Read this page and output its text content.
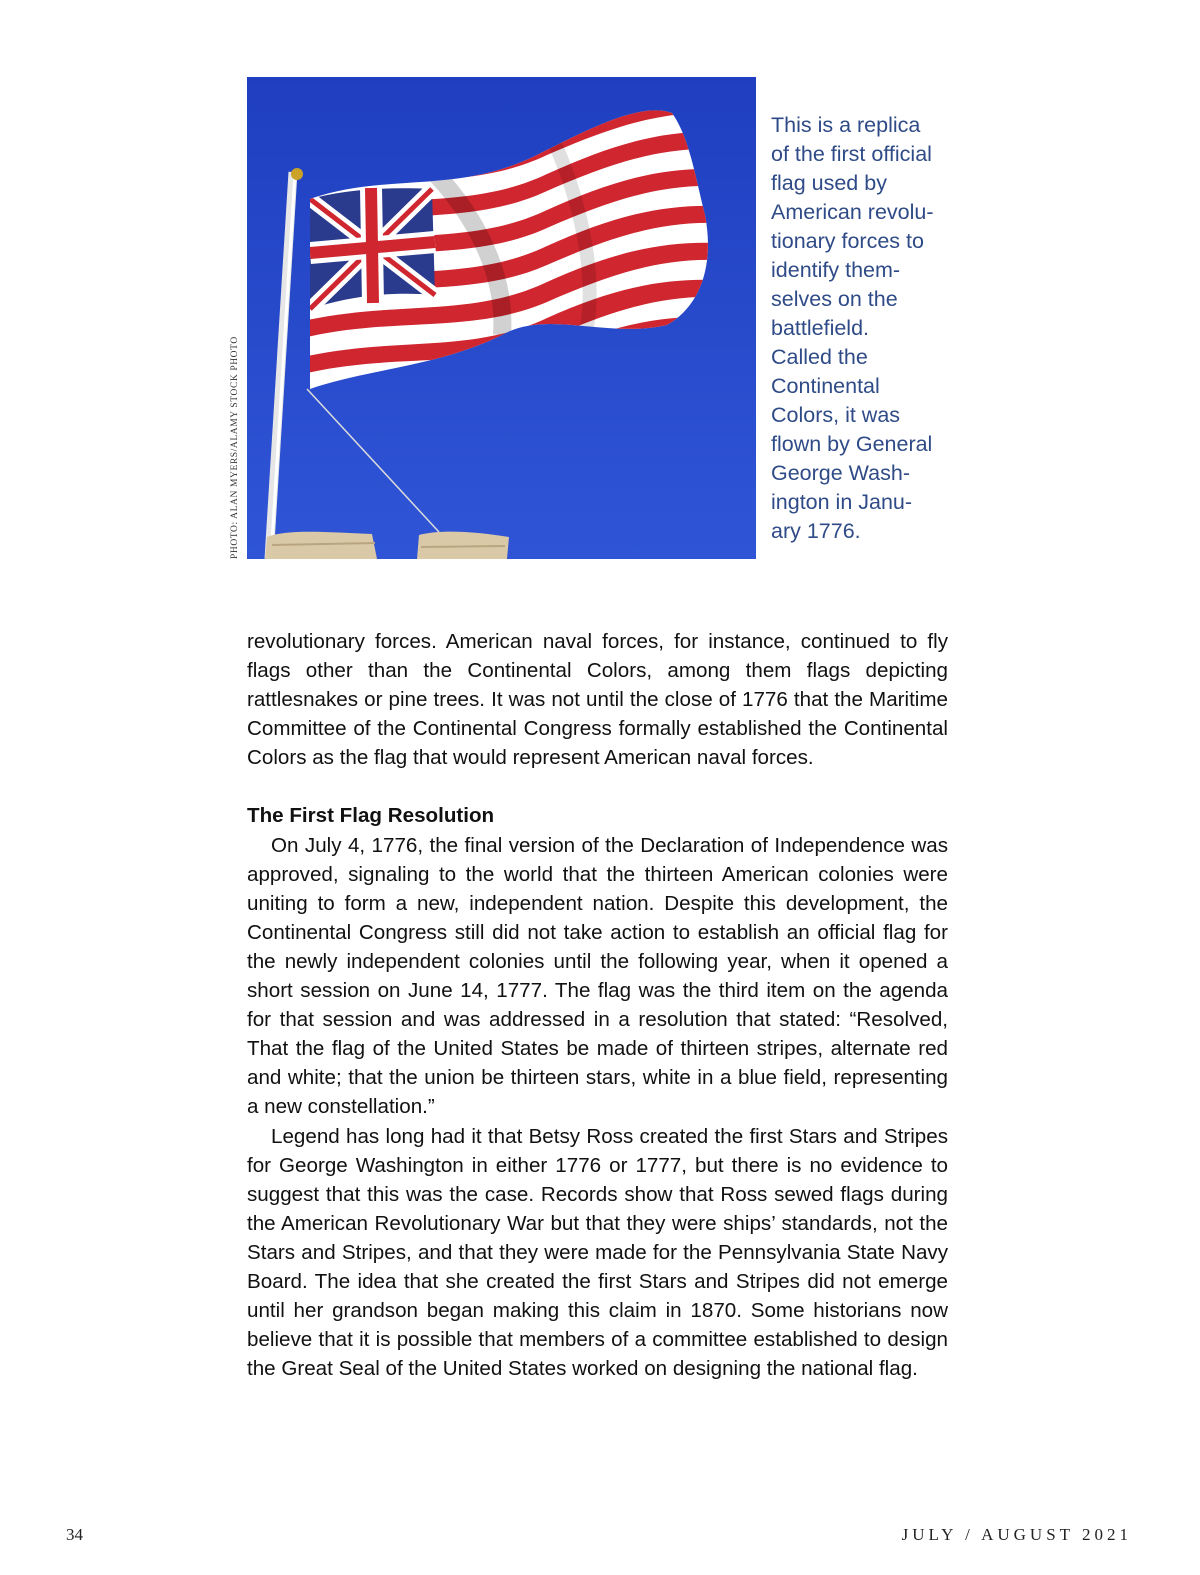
PHOTO: ALAN MYERS/ALAMY STOCK PHOTO

This is a replica
of the first official
flag used by
American revolu-
tionary forces to
identify them-
selves on the
battlefield.
Called the
Continental
Colors, it was
flown by General
George Wash-
ington in Janu-
ary 1776.

revolutionary forces. American naval forces, for instance, continued to fly flags other than the Continental Colors, among them flags depicting rattlesnakes or pine trees. It was not until the close of 1776 that the Maritime Committee of the Continental Congress formally established the Continental Colors as the flag that would represent American naval forces.

The First Flag Resolution

On July 4, 1776, the final version of the Declaration of Independence was approved, signaling to the world that the thirteen American colonies were uniting to form a new, independent nation. Despite this development, the Continental Congress still did not take action to establish an official flag for the newly independent colonies until the following year, when it opened a short session on June 14, 1777. The flag was the third item on the agenda for that session and was addressed in a resolution that stated: “Resolved, That the flag of the United States be made of thirteen stripes, alternate red and white; that the union be thirteen stars, white in a blue field, representing a new constellation.”

Legend has long had it that Betsy Ross created the first Stars and Stripes for George Washington in either 1776 or 1777, but there is no evidence to suggest that this was the case. Records show that Ross sewed flags during the American Revolutionary War but that they were ships’ standards, not the Stars and Stripes, and that they were made for the Pennsylvania State Navy Board. The idea that she created the first Stars and Stripes did not emerge until her grandson began making this claim in 1870. Some historians now believe that it is possible that members of a committee established to design the Great Seal of the United States worked on designing the national flag.

34	JULY / AUGUST 2021
